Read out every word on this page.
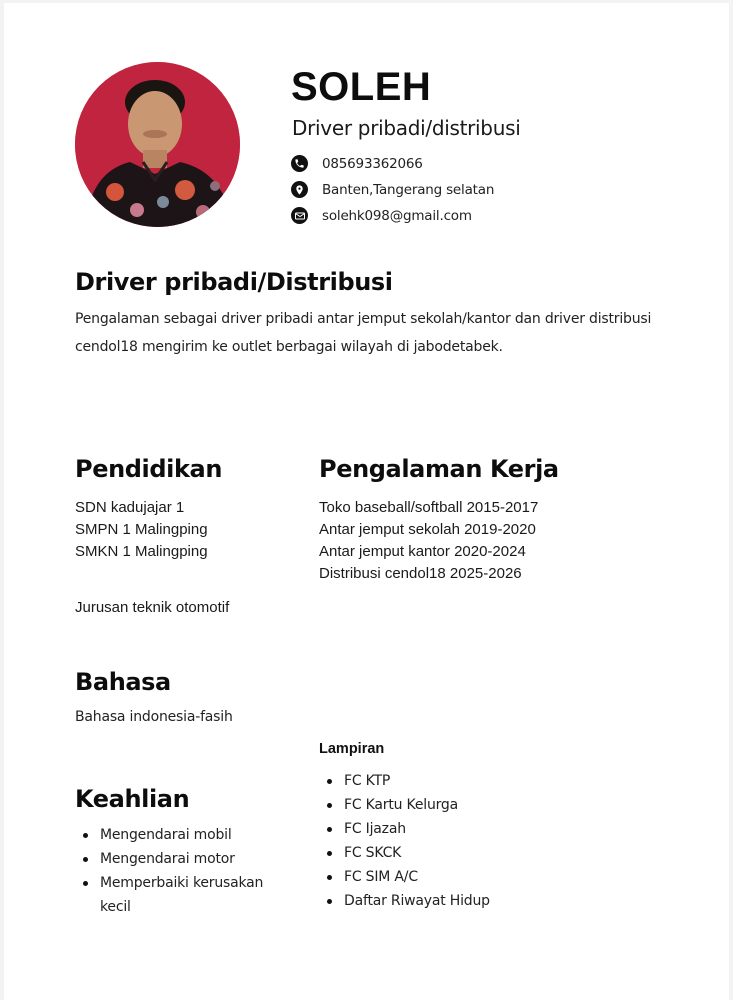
SOLEH
Driver pribadi/distribusi
085693362066
Banten,Tangerang selatan
solehk098@gmail.com
Driver pribadi/Distribusi
Pengalaman sebagai driver pribadi antar jemput sekolah/kantor dan driver distribusi
cendol18 mengirim ke outlet berbagai wilayah di jabodetabek.
Pendidikan
SDN kadujajar 1
SMPN 1 Malingping
SMKN 1 Malingping
Jurusan teknik otomotif
Pengalaman Kerja
Toko baseball/softball 2015-2017
Antar jemput sekolah 2019-2020
Antar jemput kantor 2020-2024
Distribusi cendol18 2025-2026
Bahasa
Bahasa indonesia-fasih
Keahlian
Mengendarai mobil
Mengendarai motor
Memperbaiki kerusakan kecil
Lampiran
FC KTP
FC Kartu Kelurga
FC Ijazah
FC SKCK
FC SIM A/C
Daftar Riwayat Hidup
